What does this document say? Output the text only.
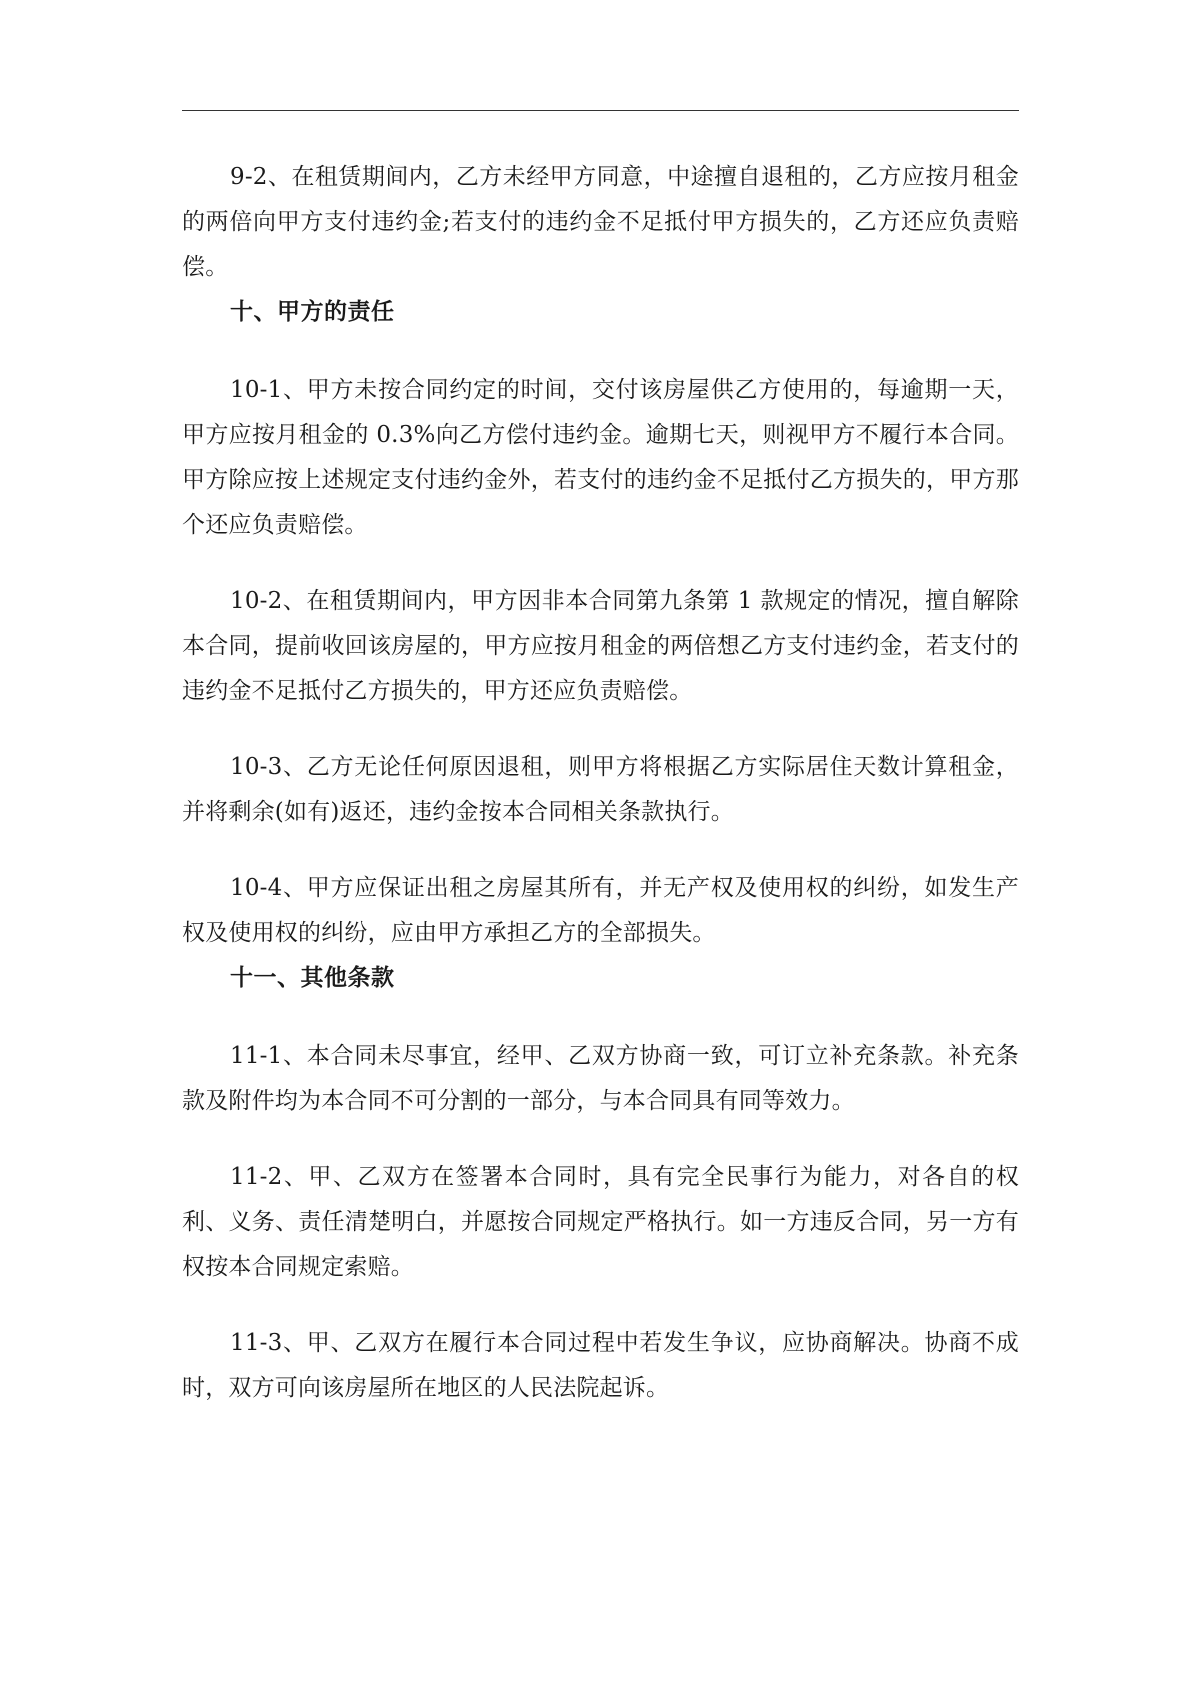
9-2、在租赁期间内，乙方未经甲方同意，中途擅自退租的，乙方应按月租金的两倍向甲方支付违约金;若支付的违约金不足抵付甲方损失的，乙方还应负责赔偿。

十、甲方的责任

10-1、甲方未按合同约定的时间，交付该房屋供乙方使用的，每逾期一天，甲方应按月租金的 0.3%向乙方偿付违约金。逾期七天，则视甲方不履行本合同。甲方除应按上述规定支付违约金外，若支付的违约金不足抵付乙方损失的，甲方那个还应负责赔偿。

10-2、在租赁期间内，甲方因非本合同第九条第 1 款规定的情况，擅自解除本合同，提前收回该房屋的，甲方应按月租金的两倍想乙方支付违约金，若支付的违约金不足抵付乙方损失的，甲方还应负责赔偿。

10-3、乙方无论任何原因退租，则甲方将根据乙方实际居住天数计算租金，并将剩余(如有)返还，违约金按本合同相关条款执行。

10-4、甲方应保证出租之房屋其所有，并无产权及使用权的纠纷，如发生产权及使用权的纠纷，应由甲方承担乙方的全部损失。

十一、其他条款

11-1、本合同未尽事宜，经甲、乙双方协商一致，可订立补充条款。补充条款及附件均为本合同不可分割的一部分，与本合同具有同等效力。

11-2、甲、乙双方在签署本合同时，具有完全民事行为能力，对各自的权利、义务、责任清楚明白，并愿按合同规定严格执行。如一方违反合同，另一方有权按本合同规定索赔。

11-3、甲、乙双方在履行本合同过程中若发生争议，应协商解决。协商不成时，双方可向该房屋所在地区的人民法院起诉。
